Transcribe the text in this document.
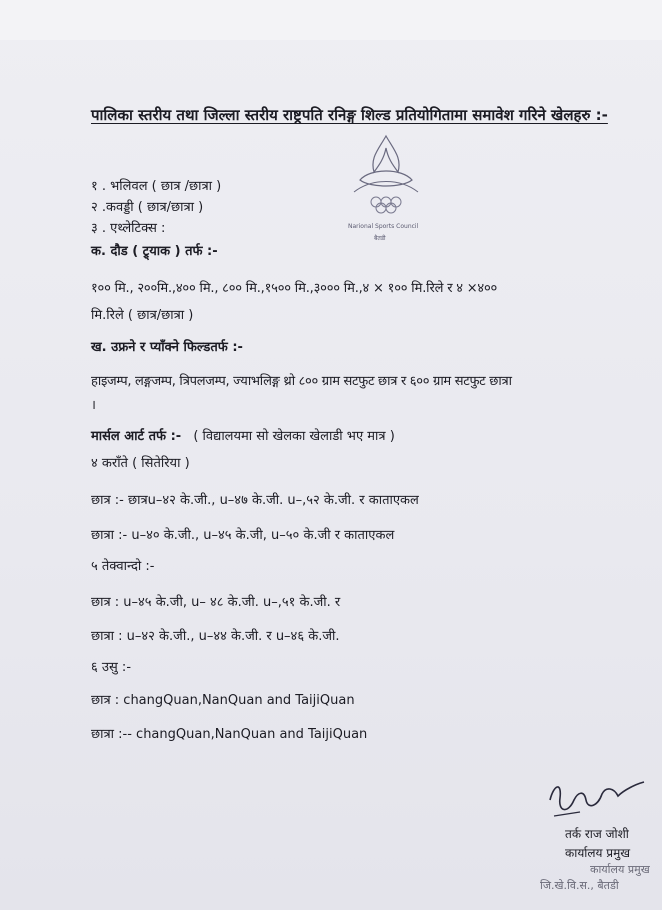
पालिका स्तरीय तथा जिल्ला स्तरीय राष्ट्रपति रनिङ्ग शिल्ड प्रतियोगितामा समावेश गरिने खेलहरु :-
Narional Sports Council
बैतडी
१ . भलिवल ( छात्र /छात्रा )
२ .कवड्डी ( छात्र/छात्रा )
३ . एथ्लेटिक्स :
क. दौड ( ट्र्याक ) तर्फ :-
१०० मि., २००मि.,४०० मि., ८०० मि.,१५०० मि.,३००० मि.,४ × १०० मि.रिले र ४ ×४००
मि.रिले ( छात्र/छात्रा )
ख. उफ्रने र प्याँक्ने फिल्डतर्फ :-
हाइजम्प, लङ्गजम्प, त्रिपलजम्प, ज्याभलिङ्ग थ्रो ८०० ग्राम सटफुट छात्र र ६०० ग्राम सटफुट छात्रा
।
मार्सल आर्ट तर्फ :- ( विद्यालयमा सो खेलका खेलाडी भए मात्र )
४ कराँते ( सितेरिया )
छात्र :- छात्रu–४२ के.जी., u–४७ के.जी. u–,५२ के.जी. र काताएकल
छात्रा :- u–४० के.जी., u–४५ के.जी, u–५० के.जी र काताएकल
५ तेक्वान्दो :-
छात्र : u–४५ के.जी, u– ४८ के.जी. u–,५१ के.जी. र
छात्रा : u–४२ के.जी., u–४४ के.जी. र u–४६ के.जी.
६ उसु :-
छात्र : changQuan,NanQuan and TaijiQuan
छात्रा :-- changQuan,NanQuan and TaijiQuan
तर्क राज जोशी
कार्यालय प्रमुख
कार्यालय प्रमुख
जि.खे.वि.स., बैतडी
